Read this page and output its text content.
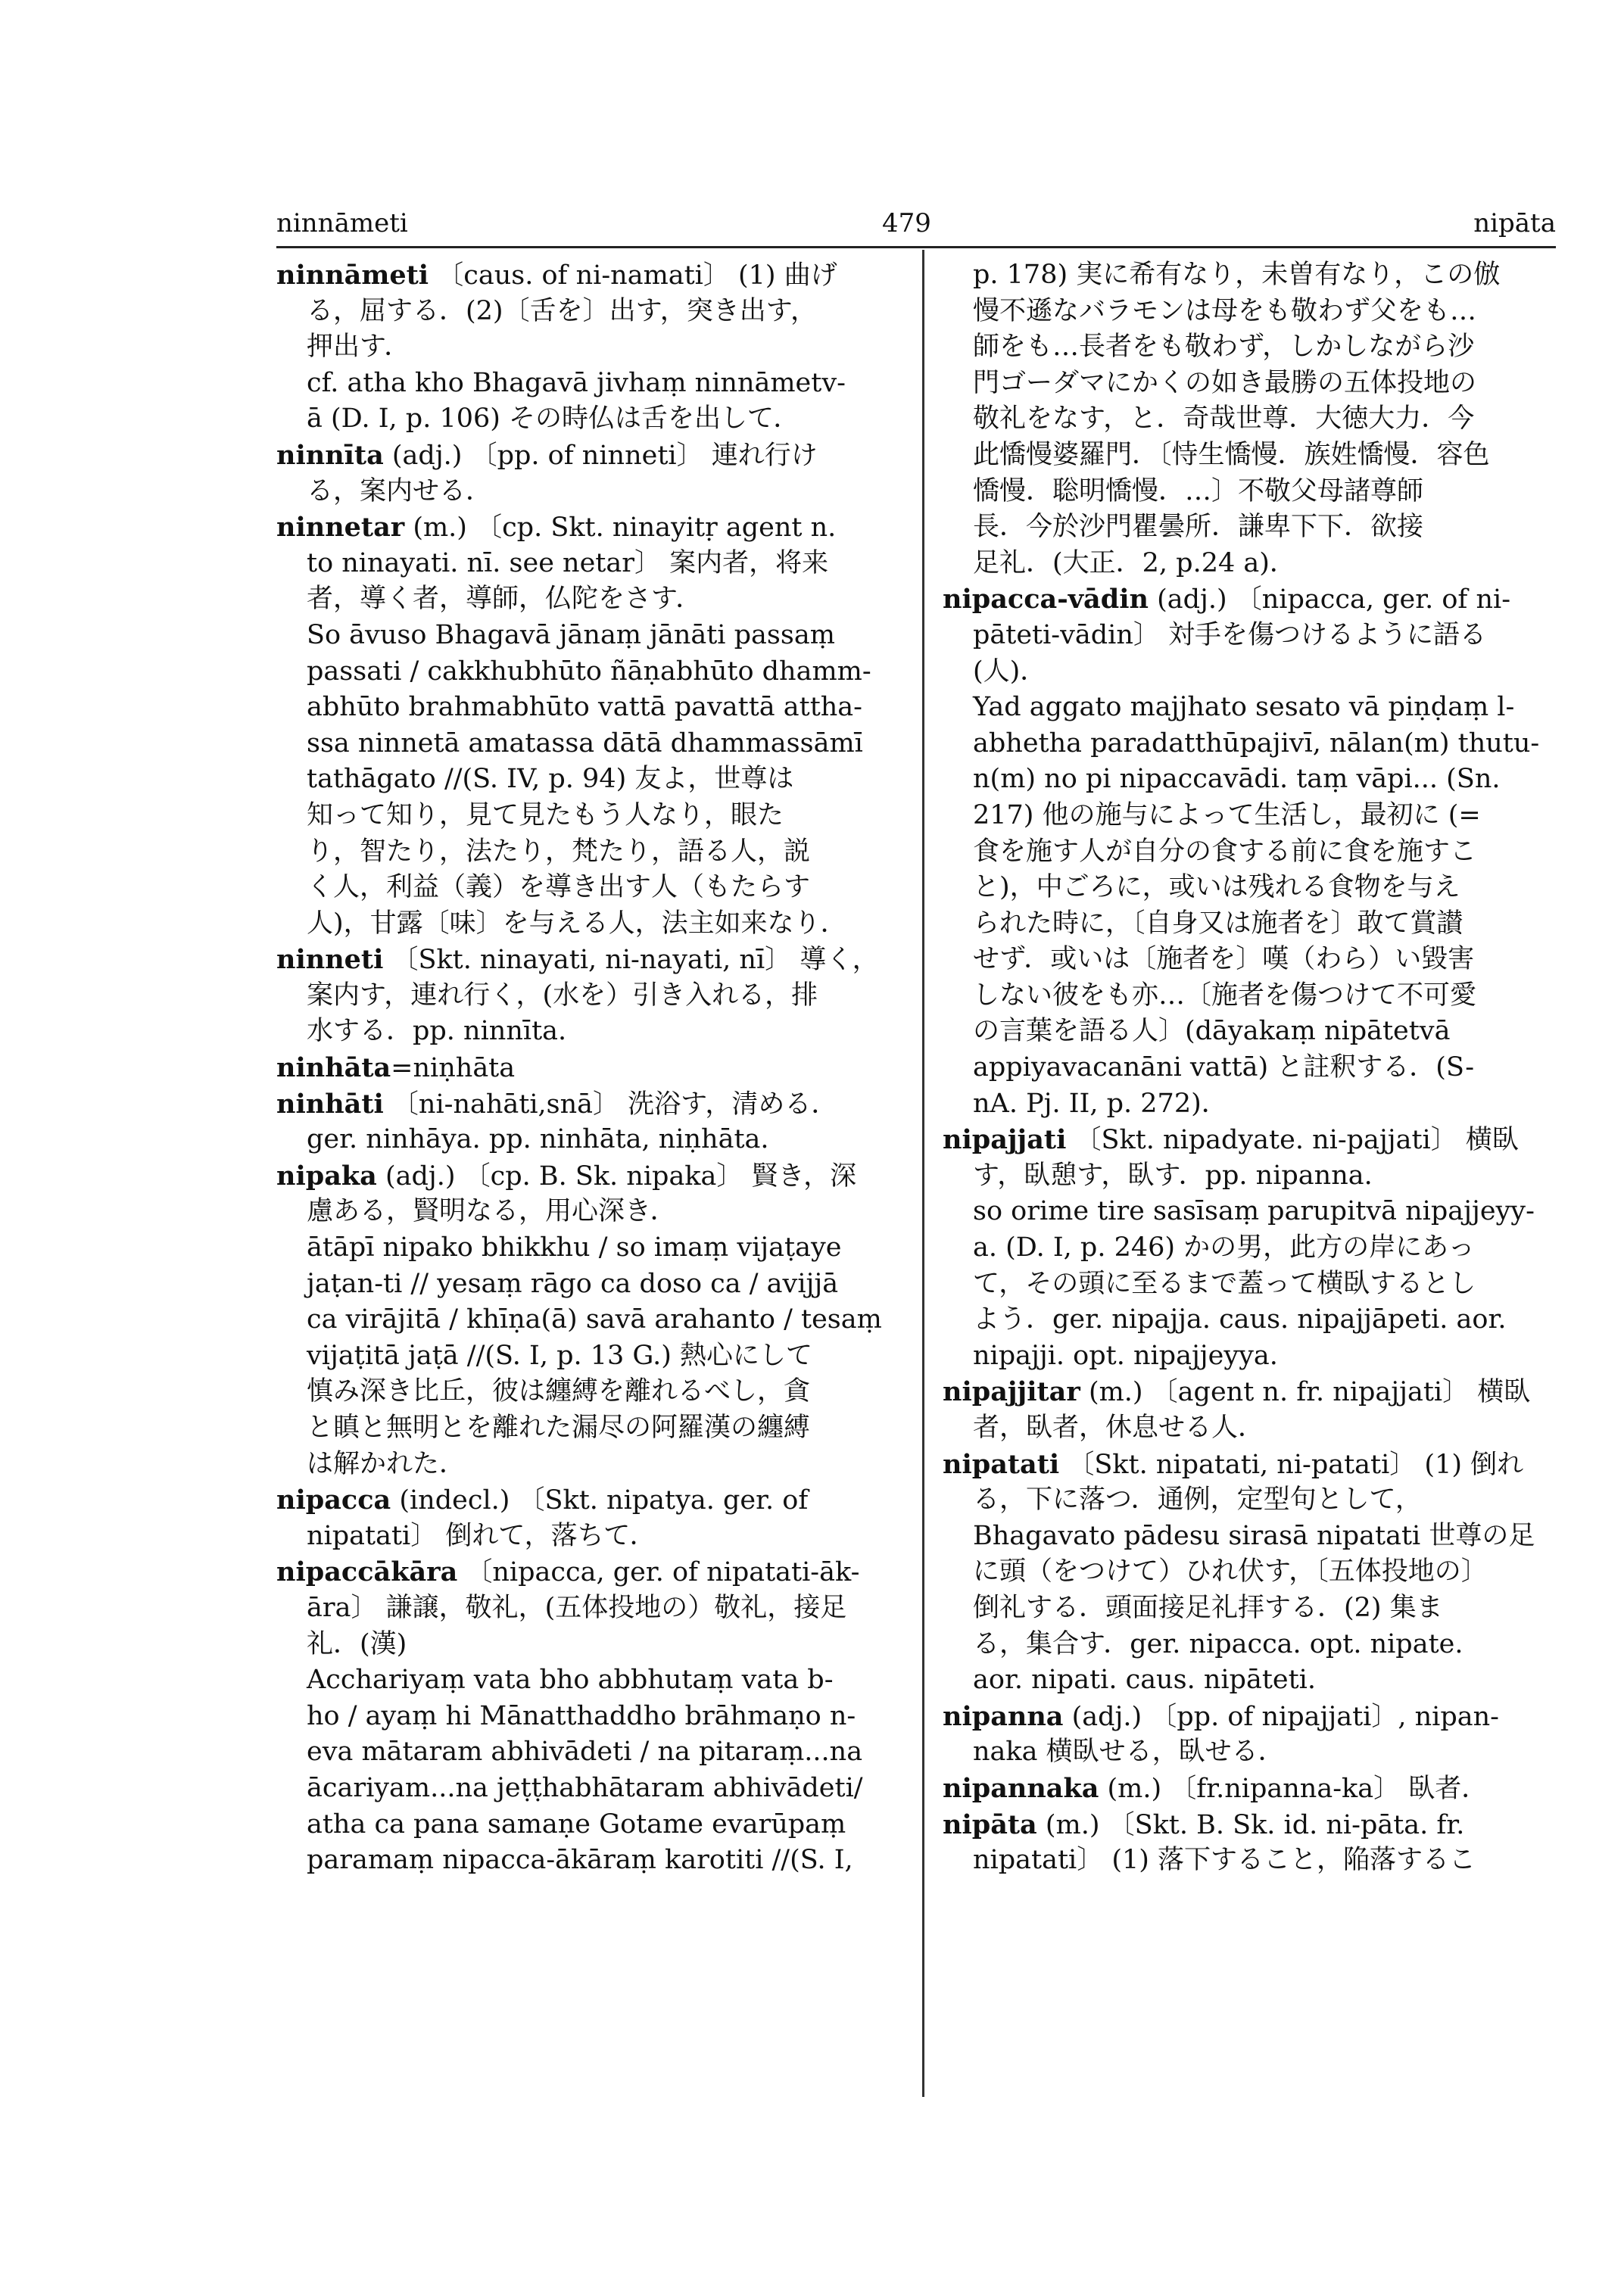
ninnāmeti	479	nipāta
ninnāmeti 〔caus. of ni-namati〕 (1) 曲げ
る，屈する．(2)〔舌を〕出す，突き出す，
押出す．
cf. atha kho Bhagavā jivhaṃ ninnāmetv-
ā (D. I, p. 106) その時仏は舌を出して．
ninnīta (adj.) 〔pp. of ninneti〕 連れ行け
る，案内せる．
ninnetar (m.) 〔cp. Skt. ninayitṛ agent n.
to ninayati. nī. see netar〕 案内者，将来
者，導く者，導師，仏陀をさす．
So āvuso Bhagavā jānaṃ jānāti passaṃ
passati / cakkhubhūto ñāṇabhūto dhamm-
abhūto brahmabhūto vattā pavattā attha-
ssa ninnetā amatassa dātā dhammassāmī
tathāgato //(S. IV, p. 94) 友よ，世尊は
知って知り，見て見たもう人なり，眼た
り，智たり，法たり，梵たり，語る人，説
く人，利益（義）を導き出す人（もたらす
人)，甘露〔味〕を与える人，法主如来なり．
ninneti 〔Skt. ninayati, ni-nayati, nī〕 導く，
案内す，連れ行く，(水を）引き入れる，排
水する．pp. ninnīta.
ninhāta=niṇhāta
ninhāti 〔ni-nahāti,snā〕 洗浴す，清める．
ger. ninhāya. pp. ninhāta, niṇhāta.
nipaka (adj.) 〔cp. B. Sk. nipaka〕 賢き，深
慮ある，賢明なる，用心深き．
ātāpī nipako bhikkhu / so imaṃ vijaṭaye
jaṭan-ti // yesaṃ rāgo ca doso ca / avijjā
ca virājitā / khīṇa(ā) savā arahanto / tesaṃ
vijaṭitā jaṭā //(S. I, p. 13 G.) 熱心にして
慎み深き比丘，彼は纏縛を離れるべし，貪
と瞋と無明とを離れた漏尽の阿羅漢の纏縛
は解かれた．
nipacca (indecl.) 〔Skt. nipatya. ger. of
nipatati〕 倒れて，落ちて．
nipaccākāra 〔nipacca, ger. of nipatati-āk-
āra〕 謙譲，敬礼，(五体投地の）敬礼，接足
礼．(漢)
Acchariyaṃ vata bho abbhutaṃ vata b-
ho / ayaṃ hi Mānatthaddho brāhmaṇo n-
eva mātaram abhivādeti / na pitaraṃ...na
ācariyam...na jeṭṭhabhātaram abhivādeti/
atha ca pana samaṇe Gotame evarūpaṃ
paramaṃ nipacca-ākāraṃ karotiti //(S. I,
p. 178) 実に希有なり，未曽有なり，この倣
慢不遜なバラモンは母をも敬わず父をも…
師をも…長者をも敬わず，しかしながら沙
門ゴーダマにかくの如き最勝の五体投地の
敬礼をなす，と．奇哉世尊．大徳大力．今
此憍慢婆羅門．〔恃生憍慢．族姓憍慢．容色
憍慢．聡明憍慢．…〕不敬父母諸尊師
長．今於沙門瞿曇所．謙卑下下．欲接
足礼．(大正．2, p.24 a)．
nipacca-vādin (adj.) 〔nipacca, ger. of ni-
pāteti-vādin〕 対手を傷つけるように語る
(人)．
Yad aggato majjhato sesato vā piṇḍaṃ l-
abhetha paradatthūpajivī, nālan(m) thutu-
n(m) no pi nipaccavādi. taṃ vāpi... (Sn.
217) 他の施与によって生活し，最初に (=
食を施す人が自分の食する前に食を施すこ
と)，中ごろに，或いは残れる食物を与え
られた時に，〔自身又は施者を〕敢て賞讃
せず．或いは〔施者を〕嘆（わら）い毀害
しない彼をも亦…〔施者を傷つけて不可愛
の言葉を語る人〕(dāyakaṃ nipātetvā
appiyavacanāni vattā) と註釈する．(S-
nA. Pj. II, p. 272)．
nipajjati 〔Skt. nipadyate. ni-pajjati〕 横臥
す，臥憩す，臥す．pp. nipanna.
so orime tire sasīsaṃ parupitvā nipajjeyy-
a. (D. I, p. 246) かの男，此方の岸にあっ
て，その頭に至るまで蓋って横臥するとし
よう．ger. nipajja. caus. nipajjāpeti. aor.
nipajji. opt. nipajjeyya.
nipajjitar (m.) 〔agent n. fr. nipajjati〕 横臥
者，臥者，休息せる人．
nipatati 〔Skt. nipatati, ni-patati〕 (1) 倒れ
る，下に落つ．通例，定型句として，
Bhagavato pādesu sirasā nipatati 世尊の足
に頭（をつけて）ひれ伏す，〔五体投地の〕
倒礼する．頭面接足礼拝する．(2) 集ま
る，集合す．ger. nipacca. opt. nipate.
aor. nipati. caus. nipāteti.
nipanna (adj.) 〔pp. of nipajjati〕, nipan-
naka 横臥せる，臥せる．
nipannaka (m.) 〔fr.nipanna-ka〕 臥者．
nipāta (m.) 〔Skt. B. Sk. id. ni-pāta. fr.
nipatati〕 (1) 落下すること，陥落するこ
